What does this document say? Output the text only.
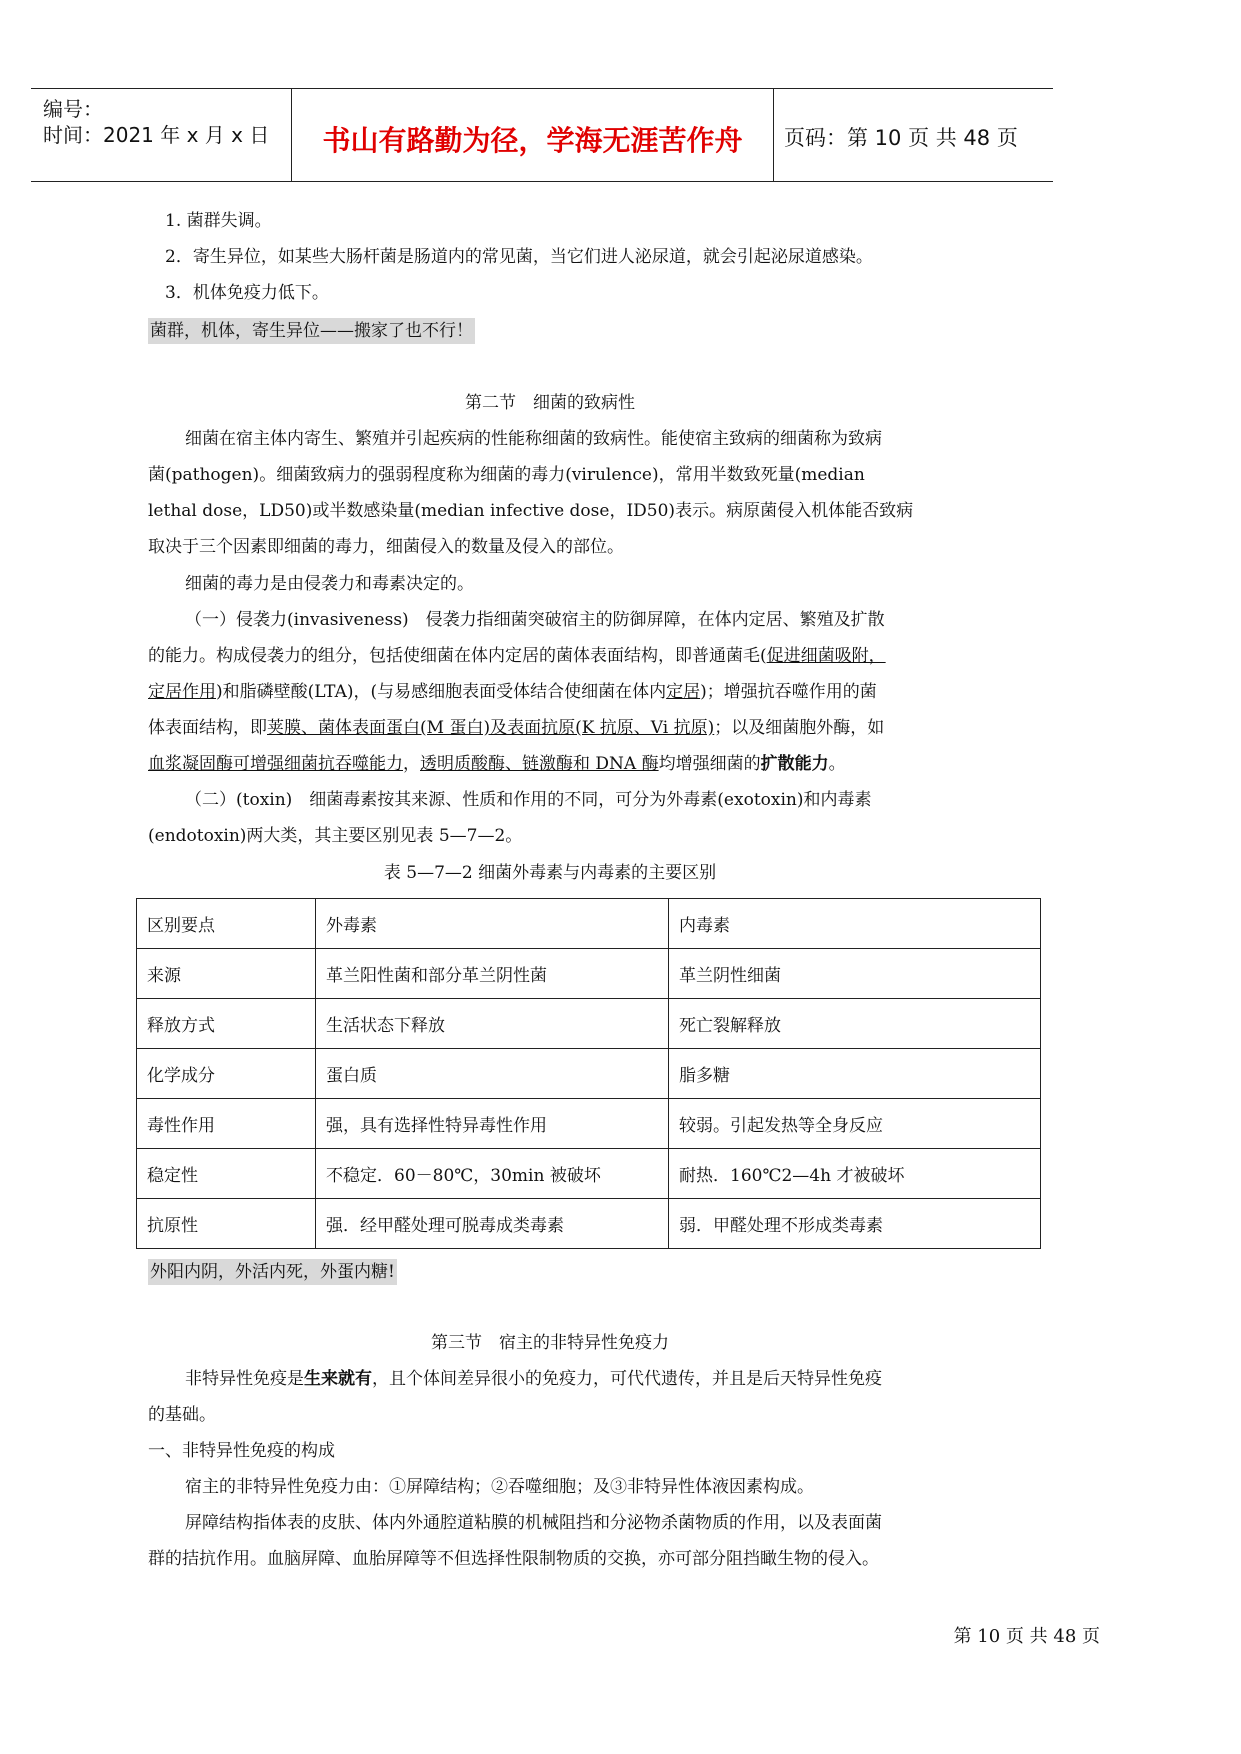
编号：
时间：2021 年 x 月 x 日	书山有路勤为径，学海无涯苦作舟	页码：第 10 页 共 48 页
1. 菌群失调。
2．寄生异位，如某些大肠杆菌是肠道内的常见菌，当它们进人泌尿道，就会引起泌尿道感染。
3．机体免疫力低下。
菌群，机体，寄生异位——搬家了也不行！
第二节　细菌的致病性
细菌在宿主体内寄生、繁殖并引起疾病的性能称细菌的致病性。能使宿主致病的细菌称为致病
菌(pathogen)。细菌致病力的强弱程度称为细菌的毒力(virulence)，常用半数致死量(median
lethal dose，LD50)或半数感染量(median infective dose，ID50)表示。病原菌侵入机体能否致病
取决于三个因素即细菌的毒力，细菌侵入的数量及侵入的部位。
细菌的毒力是由侵袭力和毒素决定的。
（一）侵袭力(invasiveness)　侵袭力指细菌突破宿主的防御屏障，在体内定居、繁殖及扩散
的能力。构成侵袭力的组分，包括使细菌在体内定居的菌体表面结构，即普通菌毛(促进细菌吸附，
定居作用)和脂磷壁酸(LTA)，(与易感细胞表面受体结合使细菌在体内定居)；增强抗吞噬作用的菌
体表面结构，即荚膜、菌体表面蛋白(M 蛋白)及表面抗原(K 抗原、Vi 抗原)；以及细菌胞外酶，如
血浆凝固酶可增强细菌抗吞噬能力，透明质酸酶、链激酶和 DNA 酶均增强细菌的扩散能力。
（二）(toxin)　细菌毒素按其来源、性质和作用的不同，可分为外毒素(exotoxin)和内毒素
(endotoxin)两大类，其主要区别见表 5—7—2。
表 5—7—2 细菌外毒素与内毒素的主要区别
区别要点	外毒素	内毒素
来源	革兰阳性菌和部分革兰阴性菌	革兰阴性细菌
释放方式	生活状态下释放	死亡裂解释放
化学成分	蛋白质	脂多糖
毒性作用	强，具有选择性特异毒性作用	较弱。引起发热等全身反应
稳定性	不稳定．60－80℃，30min 被破坏	耐热．160℃2—4h 才被破坏
抗原性	强．经甲醛处理可脱毒成类毒素	弱．甲醛处理不形成类毒素
外阳内阴，外活内死，外蛋内糖!
第三节　宿主的非特异性免疫力
非特异性免疫是生来就有，且个体间差异很小的免疫力，可代代遗传，并且是后天特异性免疫
的基础。
一、非特异性免疫的构成
宿主的非特异性免疫力由：①屏障结构；②吞噬细胞；及③非特异性体液因素构成。
屏障结构指体表的皮肤、体内外通腔道粘膜的机械阻挡和分泌物杀菌物质的作用，以及表面菌
群的拮抗作用。血脑屏障、血胎屏障等不但选择性限制物质的交换，亦可部分阻挡瞰生物的侵入。
第 10 页 共 48 页
